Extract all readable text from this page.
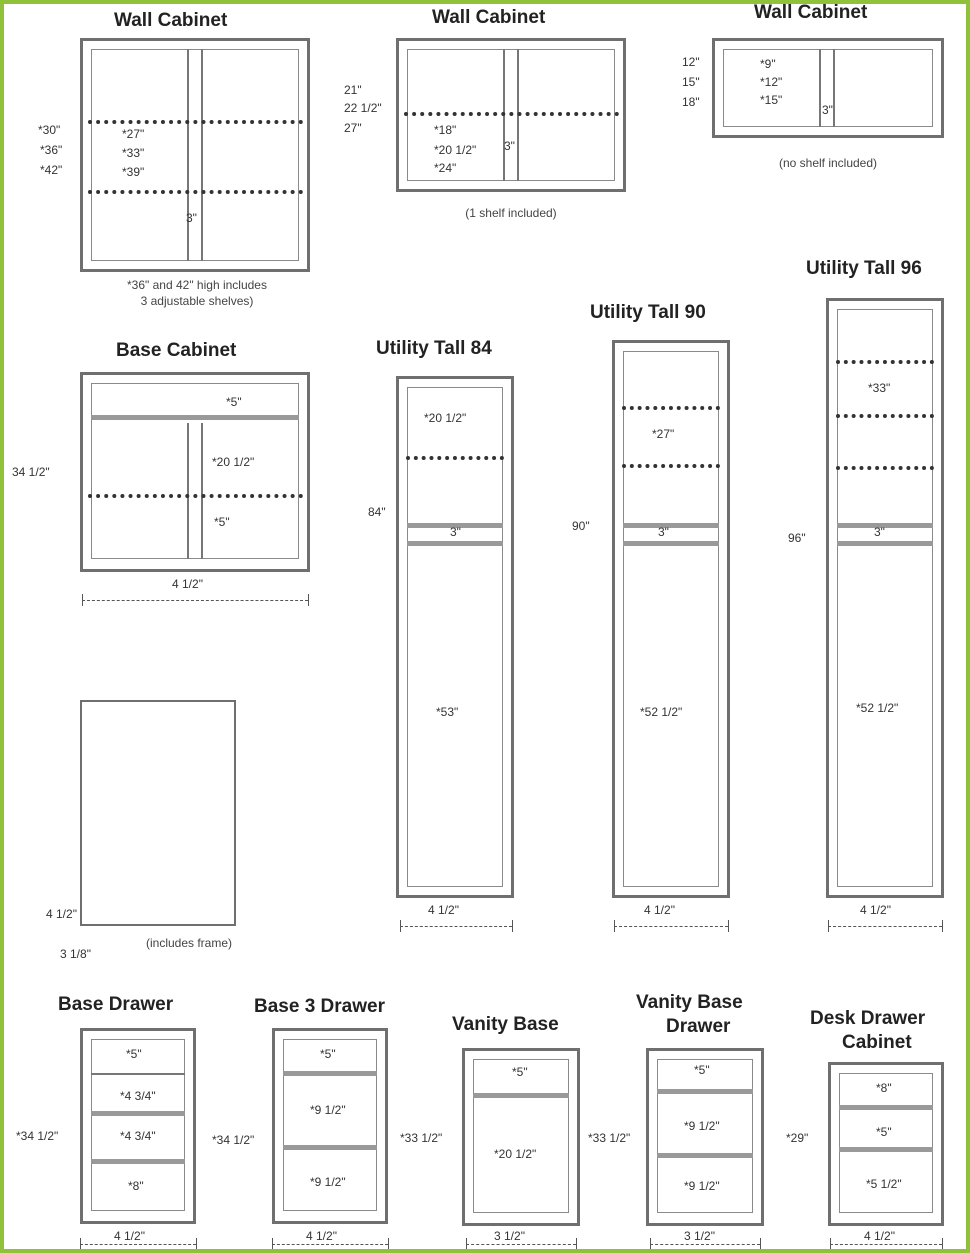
Wall Cabinet
*30"
*36"
*42"
*27"
*33"
*39"
3"
*36" and 42" high includes
3 adjustable shelves)
Wall Cabinet
21"
22 1/2"
27"	*18"
*20 1/2"
*24"
3"
(1 shelf included)
Wall Cabinet
12"
15"
18"
*9"
*12"
*15"
3"
(no shelf included)
Base Cabinet
34 1/2"
*5"
*20 1/2"
*5"
4 1/2"
4 1/2"
3 1/8"
(includes frame)
Utility Tall 84
84"
*20 1/2"
3"
*53"
4 1/2"
Utility Tall 90
90"
*27"
3"
*52 1/2"
4 1/2"
Utility Tall 96
96"
*33"
3"
*52 1/2"
4 1/2"
Base Drawer
*34 1/2"
*5"
*4 3/4"
*4 3/4"
*8"
4 1/2"
Base 3 Drawer
*34 1/2"
*5"
*9 1/2"
*9 1/2"
4 1/2"
Vanity Base
*33 1/2"
*5"
*20 1/2"
3 1/2"
Vanity Base
Drawer
*33 1/2"
*5"
*9 1/2"
*9 1/2"
3 1/2"
Desk Drawer
Cabinet
*29"
*8"
*5"
*5 1/2"
4 1/2"
